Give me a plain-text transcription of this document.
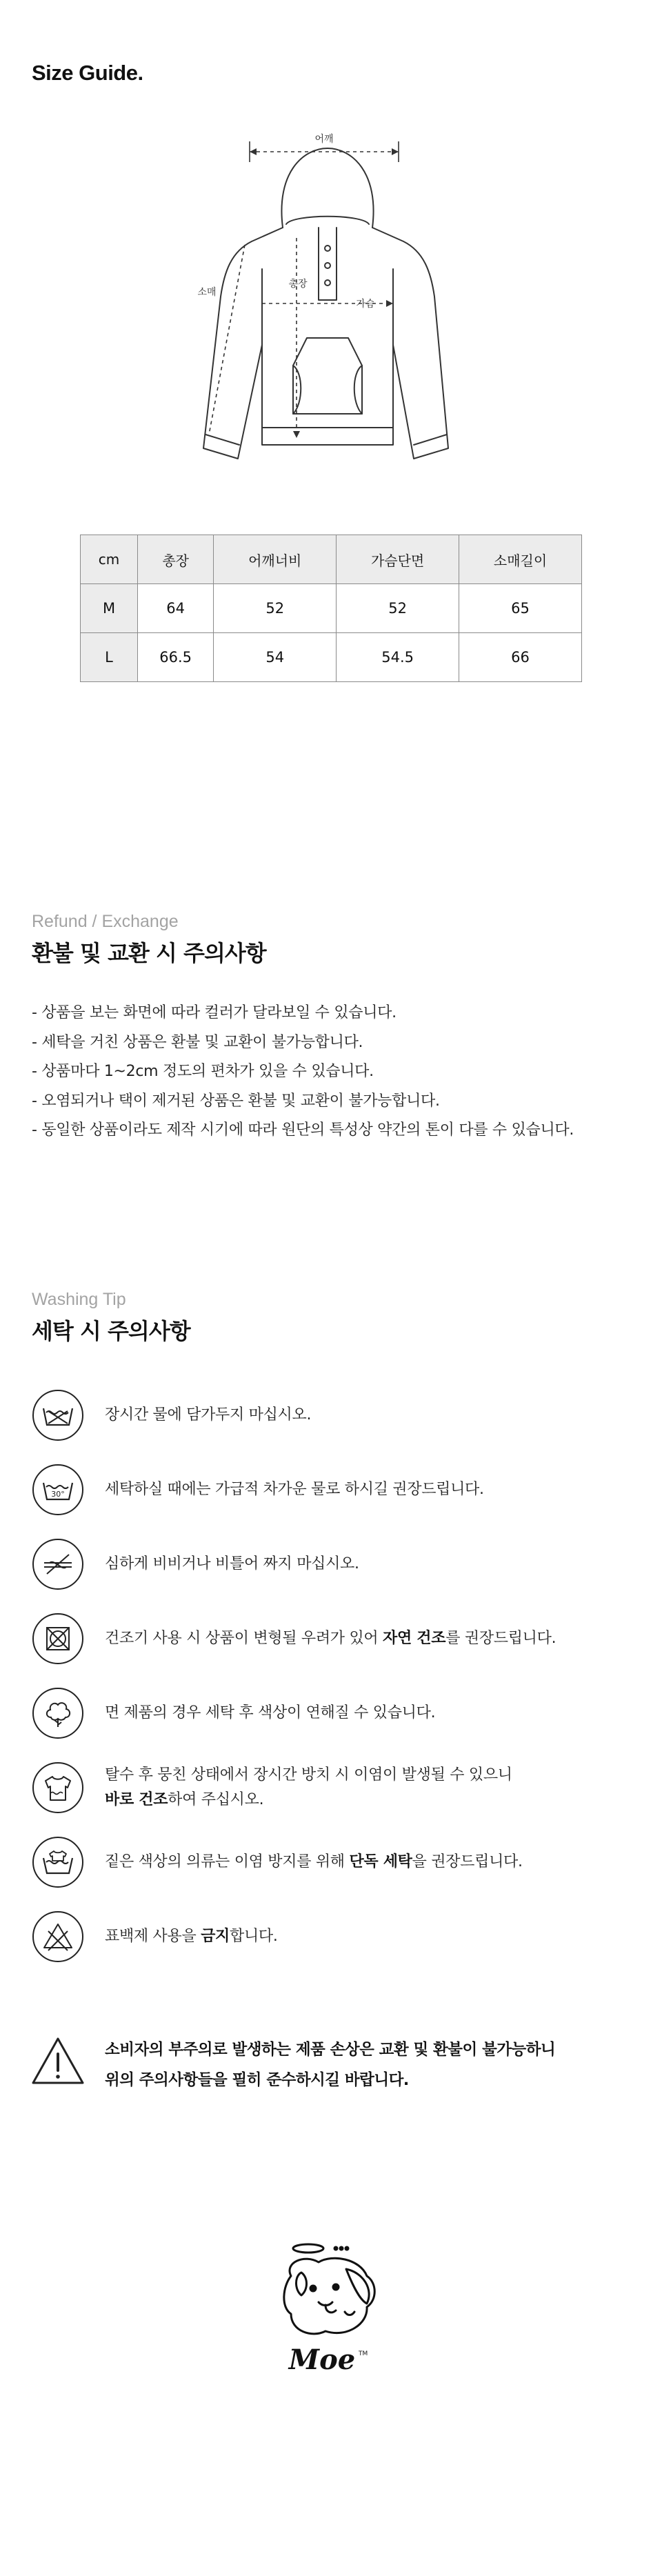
Size Guide.
어깨
소매
총장
가슴
cm	총장	어깨너비	가슴단면	소매길이
M	64	52	52	65
L	66.5	54	54.5	66
Refund / Exchange
환불 및 교환 시 주의사항
- 상품을 보는 화면에 따라 컬러가 달라보일 수 있습니다.
- 세탁을 거친 상품은 환불 및 교환이 불가능합니다.
- 상품마다 1~2cm 정도의 편차가 있을 수 있습니다.
- 오염되거나 택이 제거된 상품은 환불 및 교환이 불가능합니다.
- 동일한 상품이라도 제작 시기에 따라 원단의 특성상 약간의 톤이 다를 수 있습니다.
Washing Tip
세탁 시 주의사항
장시간 물에 담가두지 마십시오.
30°	세탁하실 때에는 가급적 차가운 물로 하시길 권장드립니다.
심하게 비비거나 비틀어 짜지 마십시오.
건조기 사용 시 상품이 변형될 우려가 있어 자연 건조를 권장드립니다.
면 제품의 경우 세탁 후 색상이 연해질 수 있습니다.
탈수 후 뭉친 상태에서 장시간 방치 시 이염이 발생될 수 있으니
바로 건조하여 주십시오.
짙은 색상의 의류는 이염 방지를 위해 단독 세탁을 권장드립니다.
표백제 사용을 금지합니다.
소비자의 부주의로 발생하는 제품 손상은 교환 및 환불이 불가능하니
위의 주의사항들을 필히 준수하시길 바랍니다.
Moe TM
